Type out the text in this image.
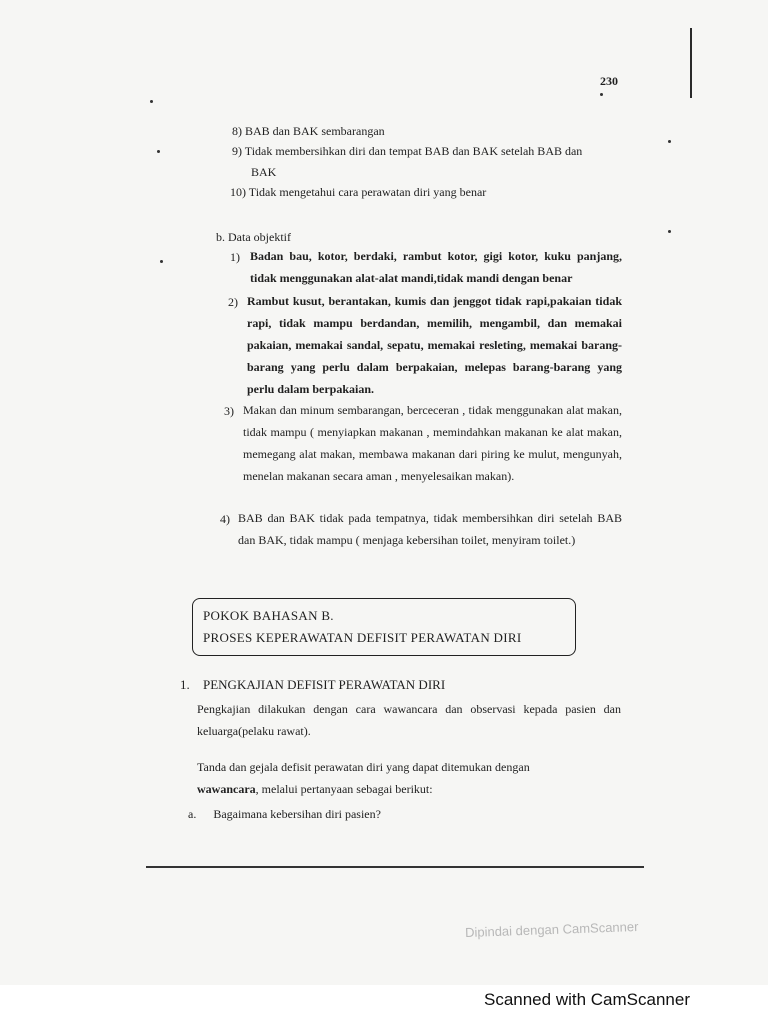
230
8) BAB dan BAK sembarangan
9) Tidak membersihkan diri dan tempat BAB dan BAK setelah BAB dan
BAK
10) Tidak mengetahui cara perawatan diri yang benar
b. Data objektif
1) Badan bau, kotor, berdaki, rambut kotor, gigi kotor, kuku panjang, tidak menggunakan alat-alat mandi,tidak mandi dengan benar
2) Rambut kusut, berantakan, kumis dan jenggot tidak rapi,pakaian tidak rapi, tidak mampu berdandan, memilih, mengambil, dan memakai pakaian, memakai sandal, sepatu, memakai resleting, memakai barang-barang yang perlu dalam berpakaian, melepas barang-barang yang perlu dalam berpakaian.
3) Makan dan minum sembarangan, berceceran , tidak menggunakan alat makan, tidak mampu ( menyiapkan makanan , memindahkan makanan ke alat makan, memegang alat makan, membawa makanan dari piring ke mulut, mengunyah, menelan makanan secara aman , menyelesaikan makan).
4) BAB dan BAK tidak pada tempatnya, tidak membersihkan diri setelah BAB dan BAK, tidak mampu ( menjaga kebersihan toilet, menyiram toilet.)
POKOK BAHASAN B.
PROSES KEPERAWATAN DEFISIT PERAWATAN DIRI
1. PENGKAJIAN DEFISIT PERAWATAN DIRI
Pengkajian dilakukan dengan cara wawancara dan observasi kepada pasien dan keluarga(pelaku rawat).
Tanda dan gejala defisit perawatan diri yang dapat ditemukan dengan
wawancara, melalui pertanyaan sebagai berikut:
a. Bagaimana kebersihan diri pasien?
Dipindai dengan CamScanner
Scanned with CamScanner
